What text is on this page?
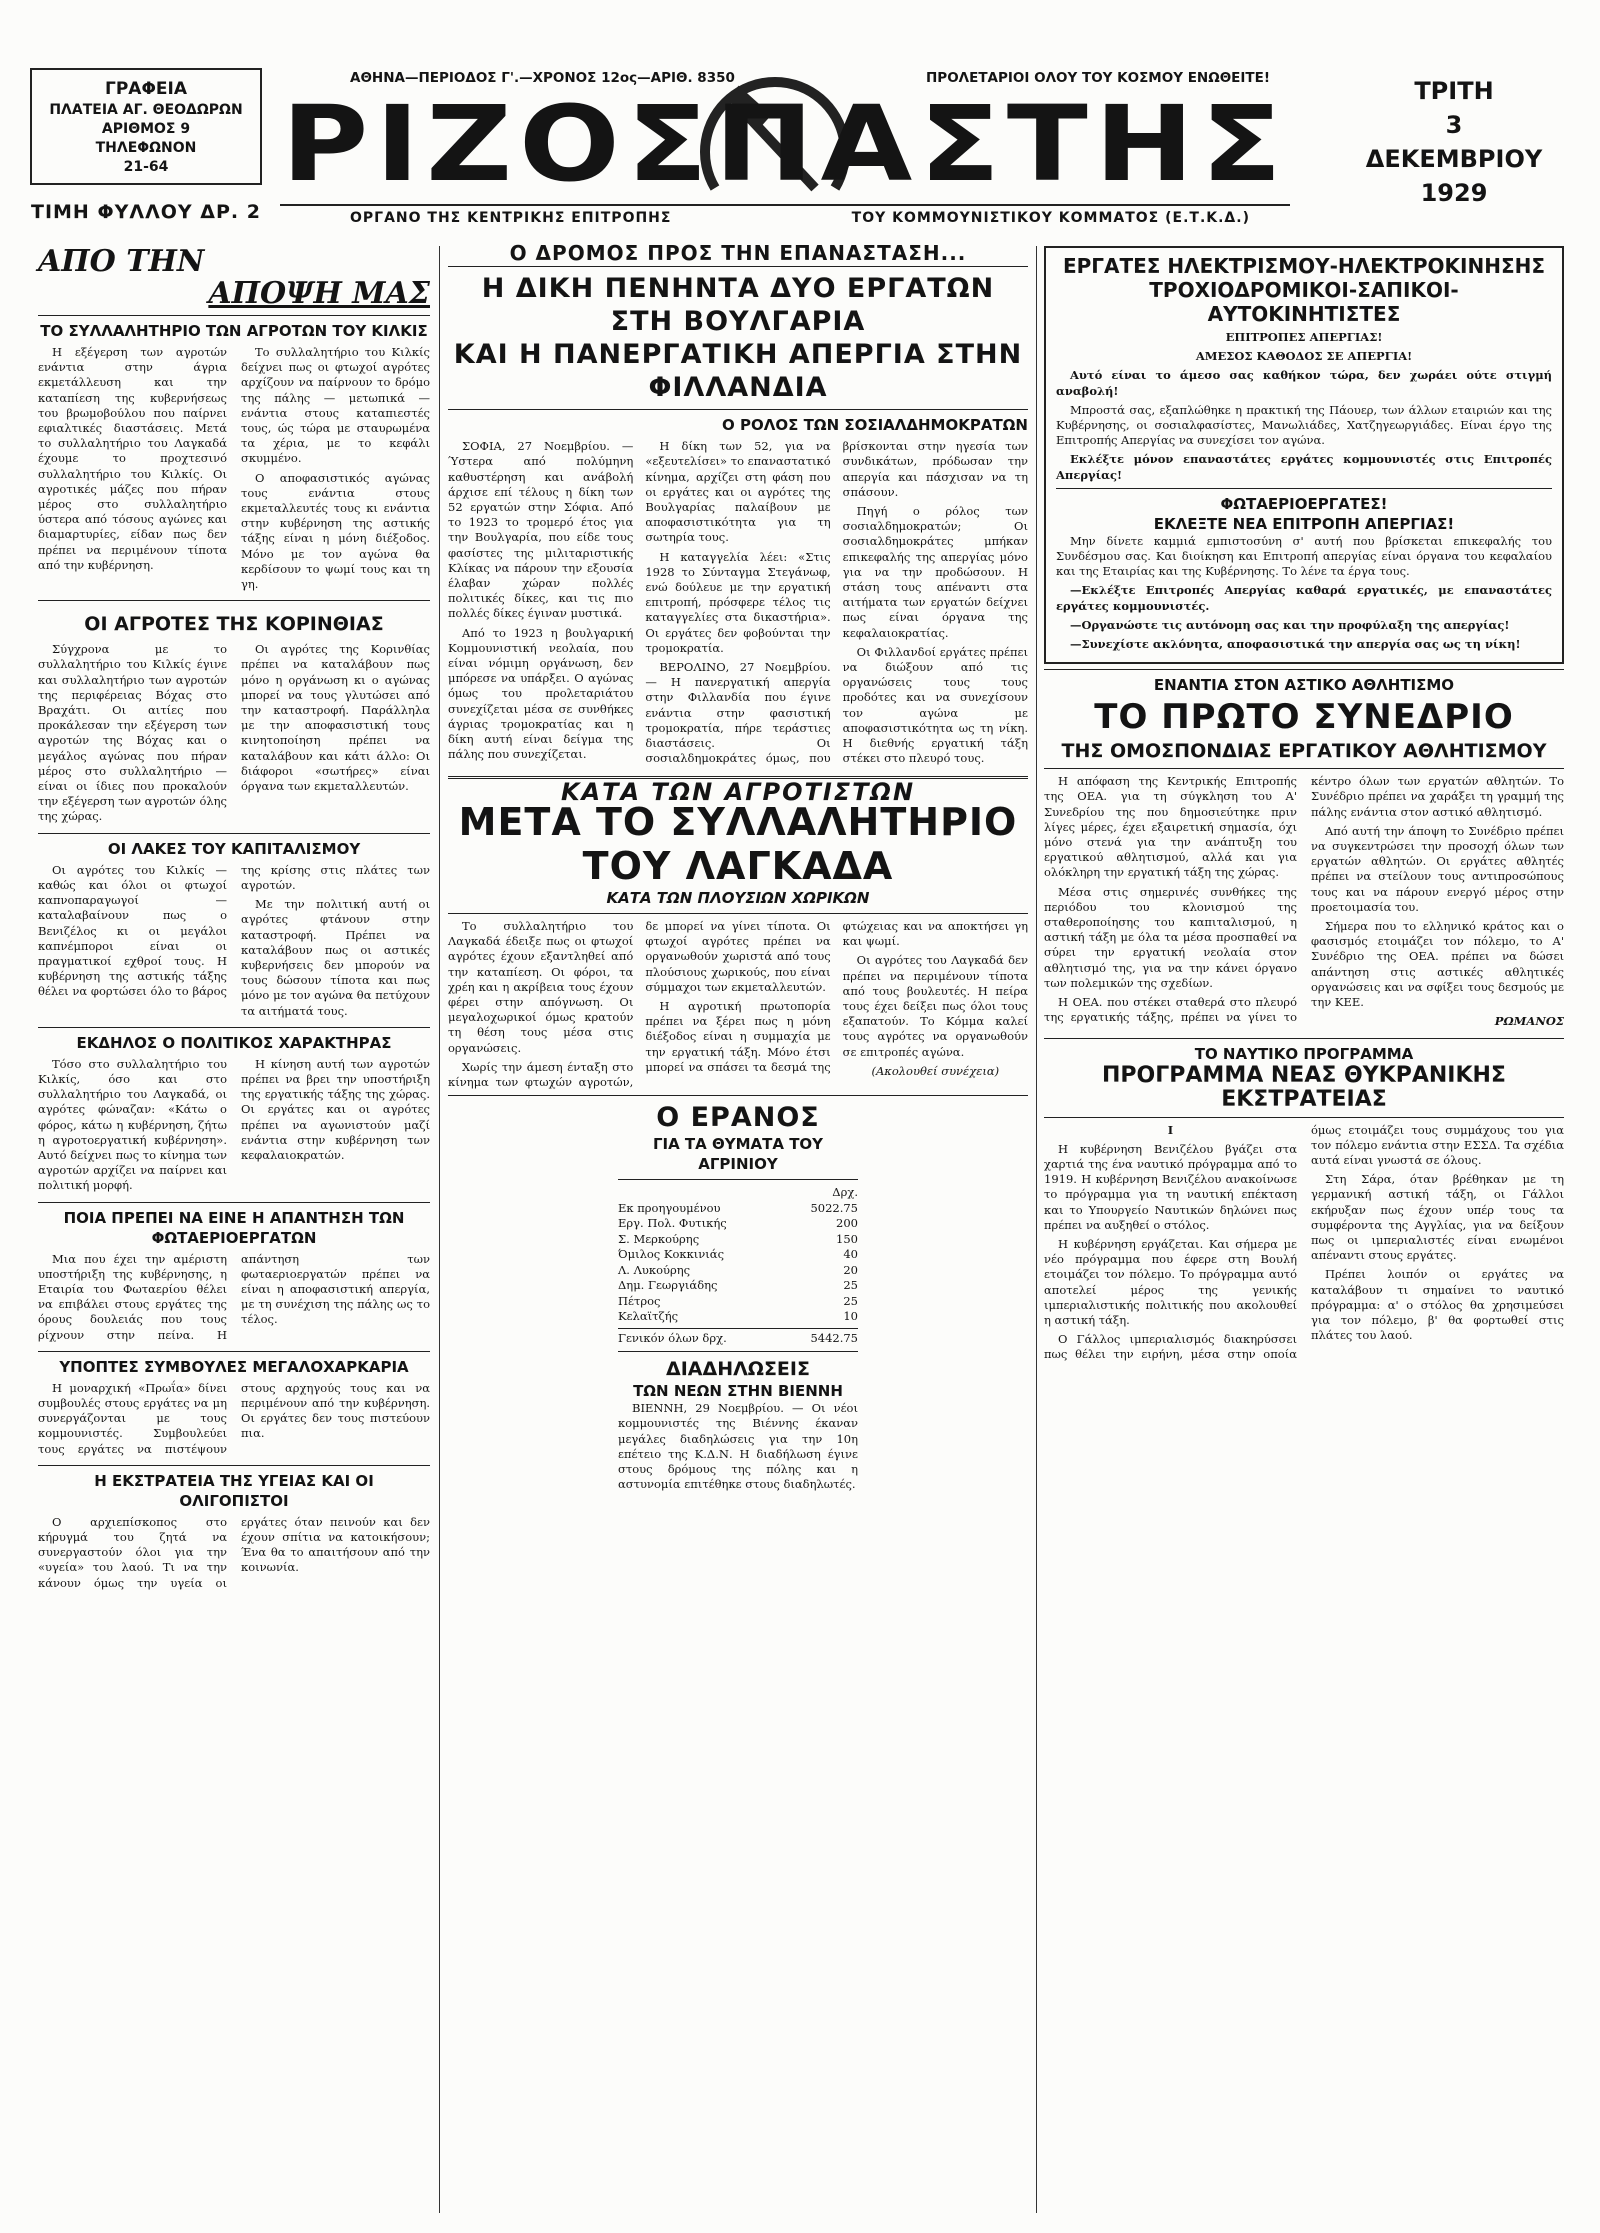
ΓΡΑΦΕΙΑ
ΠΛΑΤΕΙΑ ΑΓ. ΘΕΟΔΩΡΩΝ
ΑΡΙΘΜΟΣ 9
ΤΗΛΕΦΩΝΟΝ
21-64
ΤΙΜΗ ΦΥΛΛΟΥ ΔΡ. 2
ΑΘΗΝΑ—ΠΕΡΙΟΔΟΣ Γ'.—ΧΡΟΝΟΣ 12ος—ΑΡΙΘ. 8350	ΠΡΟΛΕΤΑΡΙΟΙ ΟΛΟΥ ΤΟΥ ΚΟΣΜΟΥ ΕΝΩΘΕΙΤΕ!
ΡΙΖΟΣΠΑΣΤΗΣ
ΟΡΓΑΝΟ ΤΗΣ ΚΕΝΤΡΙΚΗΣ ΕΠΙΤΡΟΠΗΣ	ΤΟΥ ΚΟΜΜΟΥΝΙΣΤΙΚΟΥ ΚΟΜΜΑΤΟΣ (Ε.Τ.Κ.Δ.)
ΤΡΙΤΗ
3
ΔΕΚΕΜΒΡΙΟΥ
1929
ΑΠΟ ΤΗΝ
ΑΠΟΨΗ ΜΑΣ
ΤΟ ΣΥΛΛΑΛΗΤΗΡΙΟ ΤΩΝ ΑΓΡΟΤΩΝ ΤΟΥ ΚΙΛΚΙΣ

Η εξέγερση των αγροτών ενάντια στην άγρια εκμετάλλευση και την καταπίεση της κυβερνήσεως του βρωμοβούλου που παίρνει εφιαλτικές διαστάσεις. Μετά το συλλαλητήριο του Λαγκαδά έχουμε το προχτεσινό συλλαλητήριο του Κιλκίς. Οι αγροτικές μάζες που πήραν μέρος στο συλλαλητήριο ύστερα από τόσους αγώνες και διαμαρτυρίες, είδαν πως δεν πρέπει να περιμένουν τίποτα από την κυβέρνηση.

Το συλλαλητήριο του Κιλκίς δείχνει πως οι φτωχοί αγρότες αρχίζουν να παίρνουν το δρόμο της πάλης — μετωπικά — ενάντια στους καταπιεστές τους, ώς τώρα με σταυρωμένα τα χέρια, με το κεφάλι σκυμμένο.

Ο αποφασιστικός αγώνας τους ενάντια στους εκμεταλλευτές τους κι ενάντια στην κυβέρνηση της αστικής τάξης είναι η μόνη διέξοδος. Μόνο με τον αγώνα θα κερδίσουν το ψωμί τους και τη γη.

ΟΙ ΑΓΡΟΤΕΣ ΤΗΣ ΚΟΡΙΝΘΙΑΣ

Σύγχρονα με το συλλαλητήριο του Κιλκίς έγινε και συλλαλητήριο των αγροτών της περιφέρειας Βόχας στο Βραχάτι. Οι αιτίες που προκάλεσαν την εξέγερση των αγροτών της Βόχας και ο μεγάλος αγώνας που πήραν μέρος στο συλλαλητήριο — είναι οι ίδιες που προκαλούν την εξέγερση των αγροτών όλης της χώρας.

Οι αγρότες της Κορινθίας πρέπει να καταλάβουν πως μόνο η οργάνωση κι ο αγώνας μπορεί να τους γλυτώσει από την καταστροφή. Παράλληλα με την αποφασιστική τους κινητοποίηση πρέπει να καταλάβουν και κάτι άλλο: Οι διάφοροι «σωτήρες» είναι όργανα των εκμεταλλευτών.

ΟΙ ΛΑΚΕΣ ΤΟΥ ΚΑΠΙΤΑΛΙΣΜΟΥ

Οι αγρότες του Κιλκίς — καθώς και όλοι οι φτωχοί καπνοπαραγωγοί — καταλαβαίνουν πως ο Βενιζέλος κι οι μεγάλοι καπνέμποροι είναι οι πραγματικοί εχθροί τους. Η κυβέρνηση της αστικής τάξης θέλει να φορτώσει όλο το βάρος της κρίσης στις πλάτες των αγροτών.

Με την πολιτική αυτή οι αγρότες φτάνουν στην καταστροφή. Πρέπει να καταλάβουν πως οι αστικές κυβερνήσεις δεν μπορούν να τους δώσουν τίποτα και πως μόνο με τον αγώνα θα πετύχουν τα αιτήματά τους.

ΕΚΔΗΛΟΣ Ο ΠΟΛΙΤΙΚΟΣ ΧΑΡΑΚΤΗΡΑΣ

Τόσο στο συλλαλητήριο του Κιλκίς, όσο και στο συλλαλητήριο του Λαγκαδά, οι αγρότες φώναζαν: «Κάτω ο φόρος, κάτω η κυβέρνηση, ζήτω η αγροτοεργατική κυβέρνηση». Αυτό δείχνει πως το κίνημα των αγροτών αρχίζει να παίρνει και πολιτική μορφή.

Η κίνηση αυτή των αγροτών πρέπει να βρει την υποστήριξη της εργατικής τάξης της χώρας. Οι εργάτες και οι αγρότες πρέπει να αγωνιστούν μαζί ενάντια στην κυβέρνηση των κεφαλαιοκρατών.

ΠΟΙΑ ΠΡΕΠΕΙ ΝΑ ΕΙΝΕ Η ΑΠΑΝΤΗΣΗ ΤΩΝ ΦΩΤΑΕΡΙΟΕΡΓΑΤΩΝ

Μια που έχει την αμέριστη υποστήριξη της κυβέρνησης, η Εταιρία του Φωταερίου θέλει να επιβάλει στους εργάτες της όρους δουλειάς που τους ρίχνουν στην πείνα. Η απάντηση των φωταεριοεργατών πρέπει να είναι η αποφασιστική απεργία, με τη συνέχιση της πάλης ως το τέλος.

ΥΠΟΠΤΕΣ ΣΥΜΒΟΥΛΕΣ ΜΕΓΑΛΟΧΑΡΚΑΡΙΑ

Η μοναρχική «Πρωΐα» δίνει συμβουλές στους εργάτες να μη συνεργάζονται με τους κομμουνιστές. Συμβουλεύει τους εργάτες να πιστέψουν στους αρχηγούς τους και να περιμένουν από την κυβέρνηση. Οι εργάτες δεν τους πιστεύουν πια.

Η ΕΚΣΤΡΑΤΕΙΑ ΤΗΣ ΥΓΕΙΑΣ ΚΑΙ ΟΙ ΟΛΙΓΟΠΙΣΤΟΙ

Ο αρχιεπίσκοπος στο κήρυγμά του ζητά να συνεργαστούν όλοι για την «υγεία» του λαού. Τι να την κάνουν όμως την υγεία οι εργάτες όταν πεινούν και δεν έχουν σπίτια να κατοικήσουν; Ένα θα το απαιτήσουν από την κοινωνία.

Ο ΔΡΟΜΟΣ ΠΡΟΣ ΤΗΝ ΕΠΑΝΑΣΤΑΣΗ...
Η ΔΙΚΗ ΠΕΝΗΝΤΑ ΔΥΟ ΕΡΓΑΤΩΝ ΣΤΗ ΒΟΥΛΓΑΡΙΑ
ΚΑΙ Η ΠΑΝΕΡΓΑΤΙΚΗ ΑΠΕΡΓΙΑ ΣΤΗΝ ΦΙΛΛΑΝΔΙΑ
Ο ΡΟΛΟΣ ΤΩΝ ΣΟΣΙΑΛΔΗΜΟΚΡΑΤΩΝ

ΣΟΦΙΑ, 27 Νοεμβρίου. — Ύστερα από πολύμηνη καθυστέρηση και ανάβολή άρχισε επί τέλους η δίκη των 52 εργατών στην Σόφια. Από το 1923 το τρομερό έτος για την Βουλγαρία, που είδε τους φασίστες της μιλιταριστικής Κλίκας να πάρουν την εξουσία έλαβαν χώραν πολλές πολιτικές δίκες, και τις πιο πολλές δίκες έγιναν μυστικά.

Από το 1923 η βουλγαρική Κομμουνιστική νεολαία, που είναι νόμιμη οργάνωση, δεν μπόρεσε να υπάρξει. Ο αγώνας όμως του προλεταριάτου συνεχίζεται μέσα σε συνθήκες άγριας τρομοκρατίας και η δίκη αυτή είναι δείγμα της πάλης που συνεχίζεται.

Η δίκη των 52, για να «εξευτελίσει» το επαναστατικό κίνημα, αρχίζει στη φάση που οι εργάτες και οι αγρότες της Βουλγαρίας παλαίβουν με αποφασιστικότητα για τη σωτηρία τους.

Η καταγγελία λέει: «Στις 1928 το Σύνταγμα Στεγάνωφ, ενώ δούλευε με την εργατική επιτροπή, πρόσφερε τέλος τις καταγγελίες στα δικαστήρια». Οι εργάτες δεν φοβούνται την τρομοκρατία.

ΒΕΡΟΛΙΝΟ, 27 Νοεμβρίου. — Η πανεργατική απεργία στην Φιλλανδία που έγινε ενάντια στην φασιστική τρομοκρατία, πήρε τεράστιες διαστάσεις. Οι σοσιαλδημοκράτες όμως, που βρίσκονται στην ηγεσία των συνδικάτων, πρόδωσαν την απεργία και πάσχισαν να τη σπάσουν.

Πηγή ο ρόλος των σοσιαλδημοκρατών; Οι σοσιαλδημοκράτες μπήκαν επικεφαλής της απεργίας μόνο για να την προδώσουν. Η στάση τους απέναντι στα αιτήματα των εργατών δείχνει πως είναι όργανα της κεφαλαιοκρατίας.

Οι Φιλλανδοί εργάτες πρέπει να διώξουν από τις οργανώσεις τους τους προδότες και να συνεχίσουν τον αγώνα με αποφασιστικότητα ως τη νίκη. Η διεθνής εργατική τάξη στέκει στο πλευρό τους.

ΚΑΤΑ ΤΩΝ ΑΓΡΟΤΙΣΤΩΝ
ΜΕΤΑ ΤΟ ΣΥΛΛΑΛΗΤΗΡΙΟ ΤΟΥ ΛΑΓΚΑΔΑ
ΚΑΤΑ ΤΩΝ ΠΛΟΥΣΙΩΝ ΧΩΡΙΚΩΝ

Το συλλαλητήριο του Λαγκαδά έδειξε πως οι φτωχοί αγρότες έχουν εξαντληθεί από την καταπίεση. Οι φόροι, τα χρέη και η ακρίβεια τους έχουν φέρει στην απόγνωση. Οι μεγαλοχωρικοί όμως κρατούν τη θέση τους μέσα στις οργανώσεις.

Χωρίς την άμεση ένταξη στο κίνημα των φτωχών αγροτών, δε μπορεί να γίνει τίποτα. Οι φτωχοί αγρότες πρέπει να οργανωθούν χωριστά από τους πλούσιους χωρικούς, που είναι σύμμαχοι των εκμεταλλευτών.

Η αγροτική πρωτοπορία πρέπει να ξέρει πως η μόνη διέξοδος είναι η συμμαχία με την εργατική τάξη. Μόνο έτσι μπορεί να σπάσει τα δεσμά της φτώχειας και να αποκτήσει γη και ψωμί.

Οι αγρότες του Λαγκαδά δεν πρέπει να περιμένουν τίποτα από τους βουλευτές. Η πείρα τους έχει δείξει πως όλοι τους εξαπατούν. Το Κόμμα καλεί τους αγρότες να οργανωθούν σε επιτροπές αγώνα.

(Ακολουθεί συνέχεια)

Ο ΕΡΑΝΟΣ
ΓΙΑ ΤΑ ΘΥΜΑΤΑ ΤΟΥ ΑΓΡΙΝΙΟΥ
Δρχ.
Εκ προηγουμένου	5022.75
Εργ. Πολ. Φυτικής	200
Σ. Μερκούρης	150
Όμιλος Κοκκινιάς	40
Λ. Λυκούρης	20
Δημ. Γεωργιάδης	25
Πέτρος	25
Κελαϊτζής	10
Γενικόν όλων δρχ.	5442.75
ΔΙΑΔΗΛΩΣΕΙΣ
ΤΩΝ ΝΕΩΝ ΣΤΗΝ ΒΙΕΝΝΗ

ΒΙΕΝΝΗ, 29 Νοεμβρίου. — Οι νέοι κομμουνιστές της Βιέννης έκαναν μεγάλες διαδηλώσεις για την 10η επέτειο της Κ.Δ.Ν. Η διαδήλωση έγινε στους δρόμους της πόλης και η αστυνομία επιτέθηκε στους διαδηλωτές.

ΕΡΓΑΤΕΣ ΗΛΕΚΤΡΙΣΜΟΥ-ΗΛΕΚΤΡΟΚΙΝΗΣΗΣ
ΤΡΟΧΙΟΔΡΟΜΙΚΟΙ-ΣΑΠΙΚΟΙ-ΑΥΤΟΚΙΝΗΤΙΣΤΕΣ

ΕΠΙΤΡΟΠΕΣ ΑΠΕΡΓΙΑΣ!

ΑΜΕΣΟΣ ΚΑΘΟΔΟΣ ΣΕ ΑΠΕΡΓΙΑ!

Αυτό είναι το άμεσο σας καθήκον τώρα, δεν χωράει ούτε στιγμή αναβολή!

Μπροστά σας, εξαπλώθηκε η πρακτική της Πάουερ, των άλλων εταιριών και της Κυβέρνησης, οι σοσιαλφασίστες, Μανωλιάδες, Χατζηγεωργιάδες. Είναι έργο της Επιτροπής Απεργίας να συνεχίσει τον αγώνα.

Εκλέξτε μόνον επαναστάτες εργάτες κομμουνιστές στις Επιτροπές Απεργίας!

ΦΩΤΑΕΡΙΟΕΡΓΑΤΕΣ!
ΕΚΛΕΞΤΕ ΝΕΑ ΕΠΙΤΡΟΠΗ ΑΠΕΡΓΙΑΣ!

Μην δίνετε καμμιά εμπιστοσύνη σ' αυτή που βρίσκεται επικεφαλής του Συνδέσμου σας. Και διοίκηση και Επιτροπή απεργίας είναι όργανα του κεφαλαίου και της Εταιρίας και της Κυβέρνησης. Το λένε τα έργα τους.

—Εκλέξτε Επιτροπές Απεργίας καθαρά εργατικές, με επαναστάτες εργάτες κομμουνιστές.

—Οργανώστε τις αυτόνομη σας και την προφύλαξη της απεργίας!

—Συνεχίστε ακλόνητα, αποφασιστικά την απεργία σας ως τη νίκη!

ΕΝΑΝΤΙΑ ΣΤΟΝ ΑΣΤΙΚΟ ΑΘΛΗΤΙΣΜΟ
ΤΟ ΠΡΩΤΟ ΣΥΝΕΔΡΙΟ
ΤΗΣ ΟΜΟΣΠΟΝΔΙΑΣ ΕΡΓΑΤΙΚΟΥ ΑΘΛΗΤΙΣΜΟΥ

Η απόφαση της Κεντρικής Επιτροπής της ΟΕΑ. για τη σύγκληση του Α' Συνεδρίου της που δημοσιεύτηκε πριν λίγες μέρες, έχει εξαιρετική σημασία, όχι μόνο στενά για την ανάπτυξη του εργατικού αθλητισμού, αλλά και για ολόκληρη την εργατική τάξη της χώρας.

Μέσα στις σημερινές συνθήκες της περιόδου του κλονισμού της σταθεροποίησης του καπιταλισμού, η αστική τάξη με όλα τα μέσα προσπαθεί να σύρει την εργατική νεολαία στον αθλητισμό της, για να την κάνει όργανο των πολεμικών της σχεδίων.

Η ΟΕΑ. που στέκει σταθερά στο πλευρό της εργατικής τάξης, πρέπει να γίνει το κέντρο όλων των εργατών αθλητών. Το Συνέδριο πρέπει να χαράξει τη γραμμή της πάλης ενάντια στον αστικό αθλητισμό.

Από αυτή την άποψη το Συνέδριο πρέπει να συγκεντρώσει την προσοχή όλων των εργατών αθλητών. Οι εργάτες αθλητές πρέπει να στείλουν τους αντιπροσώπους τους και να πάρουν ενεργό μέρος στην προετοιμασία του.

Σήμερα που το ελληνικό κράτος και ο φασισμός ετοιμάζει τον πόλεμο, το Α' Συνέδριο της ΟΕΑ. πρέπει να δώσει απάντηση στις αστικές αθλητικές οργανώσεις και να σφίξει τους δεσμούς με την ΚΕΕ.

ΡΩΜΑΝΟΣ

ΤΟ ΝΑΥΤΙΚΟ ΠΡΟΓΡΑΜΜΑ
ΠΡΟΓΡΑΜΜΑ ΝΕΑΣ ΘΥΚΡΑΝΙΚΗΣ ΕΚΣΤΡΑΤΕΙΑΣ

Ι

Η κυβέρνηση Βενιζέλου βγάζει στα χαρτιά της ένα ναυτικό πρόγραμμα από το 1919. Η κυβέρνηση Βενιζέλου ανακοίνωσε το πρόγραμμα για τη ναυτική επέκταση και το Υπουργείο Ναυτικών δηλώνει πως πρέπει να αυξηθεί ο στόλος.

Η κυβέρνηση εργάζεται. Και σήμερα με νέο πρόγραμμα που έφερε στη Βουλή ετοιμάζει τον πόλεμο. Το πρόγραμμα αυτό αποτελεί μέρος της γενικής ιμπεριαλιστικής πολιτικής που ακολουθεί η αστική τάξη.

Ο Γάλλος ιμπεριαλισμός διακηρύσσει πως θέλει την ειρήνη, μέσα στην οποία όμως ετοιμάζει τους συμμάχους του για τον πόλεμο ενάντια στην ΕΣΣΔ. Τα σχέδια αυτά είναι γνωστά σε όλους.

Στη Σάρα, όταν βρέθηκαν με τη γερμανική αστική τάξη, οι Γάλλοι εκήρυξαν πως έχουν υπέρ τους τα συμφέροντα της Αγγλίας, για να δείξουν πως οι ιμπεριαλιστές είναι ενωμένοι απέναντι στους εργάτες.

Πρέπει λοιπόν οι εργάτες να καταλάβουν τι σημαίνει το ναυτικό πρόγραμμα: α' ο στόλος θα χρησιμεύσει για τον πόλεμο, β' θα φορτωθεί στις πλάτες του λαού.
